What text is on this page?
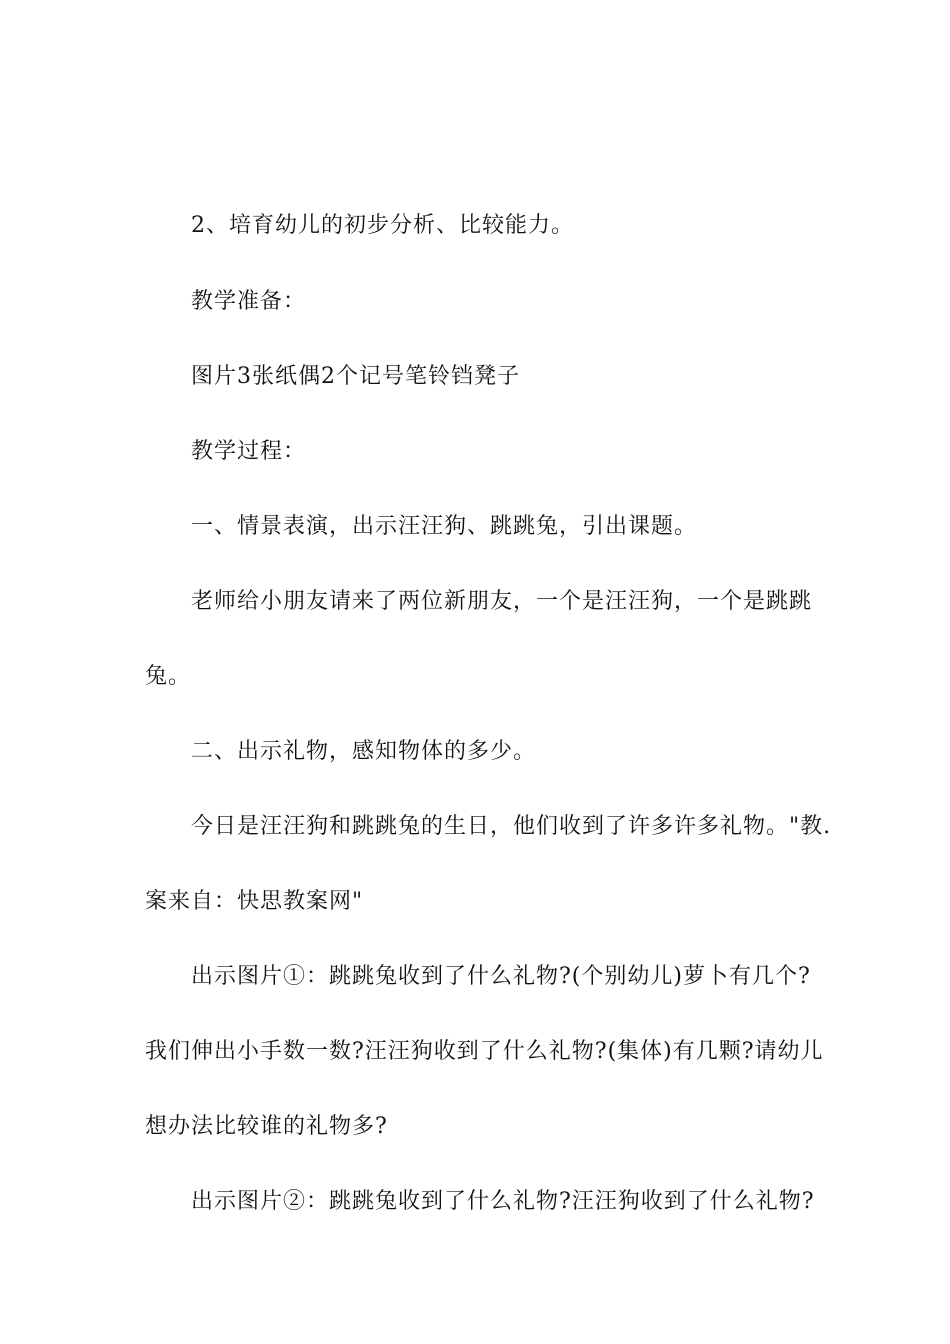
2、培育幼儿的初步分析、比较能力。
教学准备：
图片3张纸偶2个记号笔铃铛凳子
教学过程：
一、情景表演，出示汪汪狗、跳跳兔，引出课题。
老师给小朋友请来了两位新朋友，一个是汪汪狗，一个是跳跳
兔。
二、出示礼物，感知物体的多少。
今日是汪汪狗和跳跳兔的生日，他们收到了许多许多礼物。"教.
案来自：快思教案网"
出示图片①：跳跳兔收到了什么礼物?(个别幼儿)萝卜有几个?
我们伸出小手数一数?汪汪狗收到了什么礼物?(集体)有几颗?请幼儿
想办法比较谁的礼物多?
出示图片②：跳跳兔收到了什么礼物?汪汪狗收到了什么礼物?
